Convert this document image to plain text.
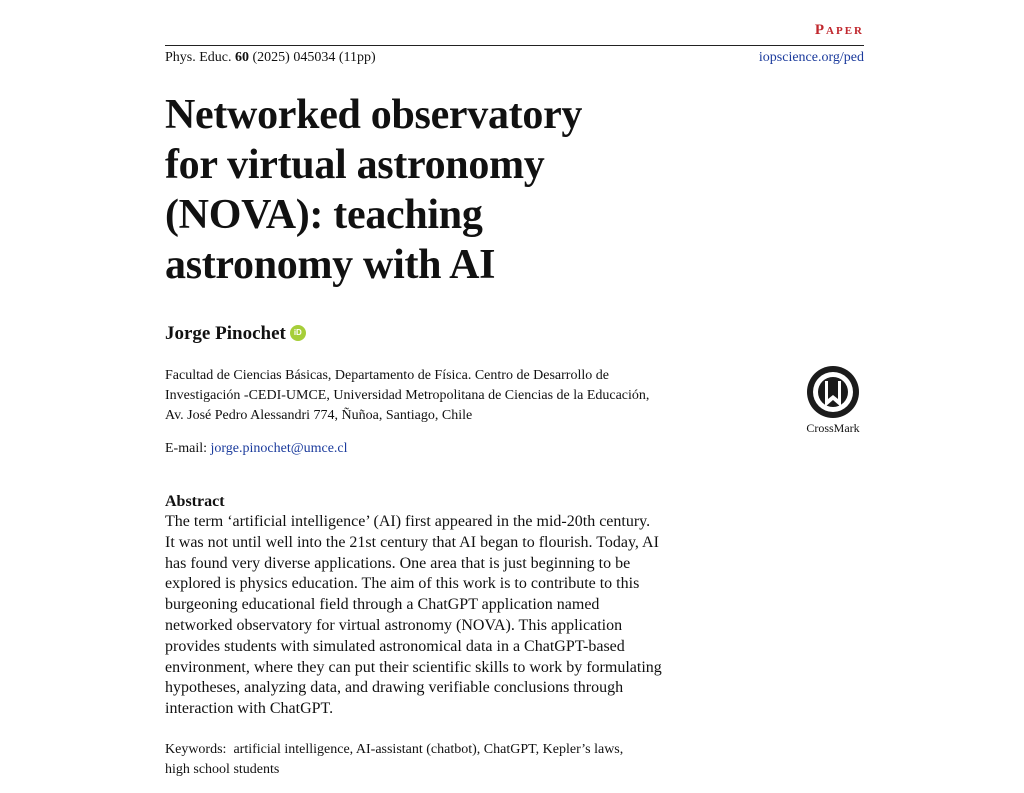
Paper
Phys. Educ. 60 (2025) 045034 (11pp)	iopscience.org/ped
Networked observatory
for virtual astronomy
(NOVA): teaching
astronomy with AI
Jorge Pinochet	iD
Facultad de Ciencias Básicas, Departamento de Física. Centro de Desarrollo de
Investigación -CEDI-UMCE, Universidad Metropolitana de Ciencias de la Educación,
Av. José Pedro Alessandri 774, Ñuñoa, Santiago, Chile
CrossMark
E-mail: jorge.pinochet@umce.cl
Abstract
The term ‘artificial intelligence’ (AI) first appeared in the mid-20th century.
It was not until well into the 21st century that AI began to flourish. Today, AI
has found very diverse applications. One area that is just beginning to be
explored is physics education. The aim of this work is to contribute to this
burgeoning educational field through a ChatGPT application named
networked observatory for virtual astronomy (NOVA). This application
provides students with simulated astronomical data in a ChatGPT-based
environment, where they can put their scientific skills to work by formulating
hypotheses, analyzing data, and drawing verifiable conclusions through
interaction with ChatGPT.
Keywords: artificial intelligence, AI-assistant (chatbot), ChatGPT, Kepler’s laws,
high school students
